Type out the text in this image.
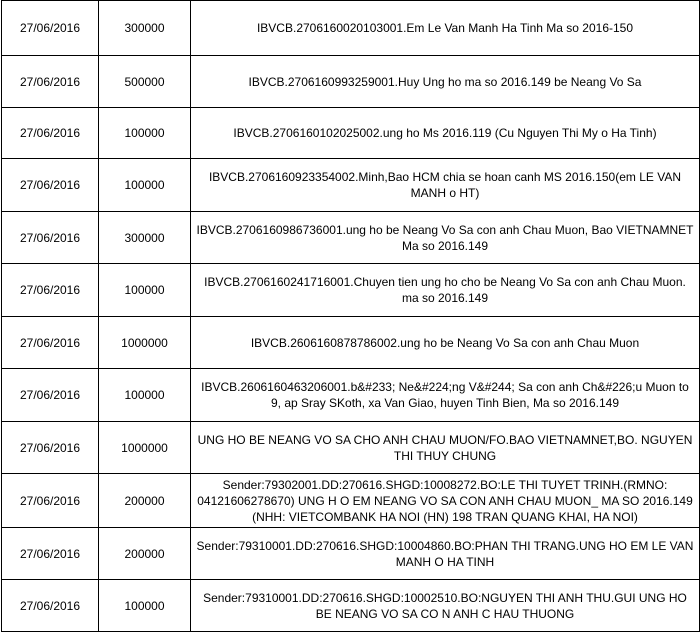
27/06/2016	300000	IBVCB.2706160020103001.Em Le Van Manh Ha Tinh Ma so 2016-150
27/06/2016	500000	IBVCB.2706160993259001.Huy Ung ho ma so 2016.149 be Neang Vo Sa
27/06/2016	100000	IBVCB.2706160102025002.ung ho Ms 2016.119 (Cu Nguyen Thi My o Ha Tinh)
27/06/2016	100000	IBVCB.2706160923354002.Minh,Bao HCM chia se hoan canh MS 2016.150(em LE VAN MANH o HT)
27/06/2016	300000	IBVCB.2706160986736001.ung ho be Neang Vo Sa con anh Chau Muon, Bao VIETNAMNET Ma so 2016.149
27/06/2016	100000	IBVCB.2706160241716001.Chuyen tien ung ho cho be Neang Vo Sa con anh Chau Muon. ma so 2016.149
27/06/2016	1000000	IBVCB.2606160878786002.ung ho be Neang Vo Sa con anh Chau Muon
27/06/2016	100000	IBVCB.2606160463206001.b&#233; Ne&#224;ng V&#244; Sa con anh Ch&#226;u Muon to 9, ap Sray SKoth, xa Van Giao, huyen Tinh Bien, Ma so 2016.149
27/06/2016	1000000	UNG HO BE NEANG VO SA CHO ANH CHAU MUON/FO.BAO VIETNAMNET,BO. NGUYEN THI THUY CHUNG
27/06/2016	200000	Sender:79302001.DD:270616.SHGD:10008272.BO:LE THI TUYET TRINH.(RMNO: 04121606278670) UNG H O EM NEANG VO SA CON ANH CHAU MUON_ MA SO 2016.149 (NHH: VIETCOMBANK HA NOI (HN) 198 TRAN QUANG KHAI, HA NOI)
27/06/2016	200000	Sender:79310001.DD:270616.SHGD:10004860.BO:PHAN THI TRANG.UNG HO EM LE VAN MANH O HA TINH
27/06/2016	100000	Sender:79310001.DD:270616.SHGD:10002510.BO:NGUYEN THI ANH THU.GUI UNG HO BE NEANG VO SA CO N ANH C HAU THUONG
